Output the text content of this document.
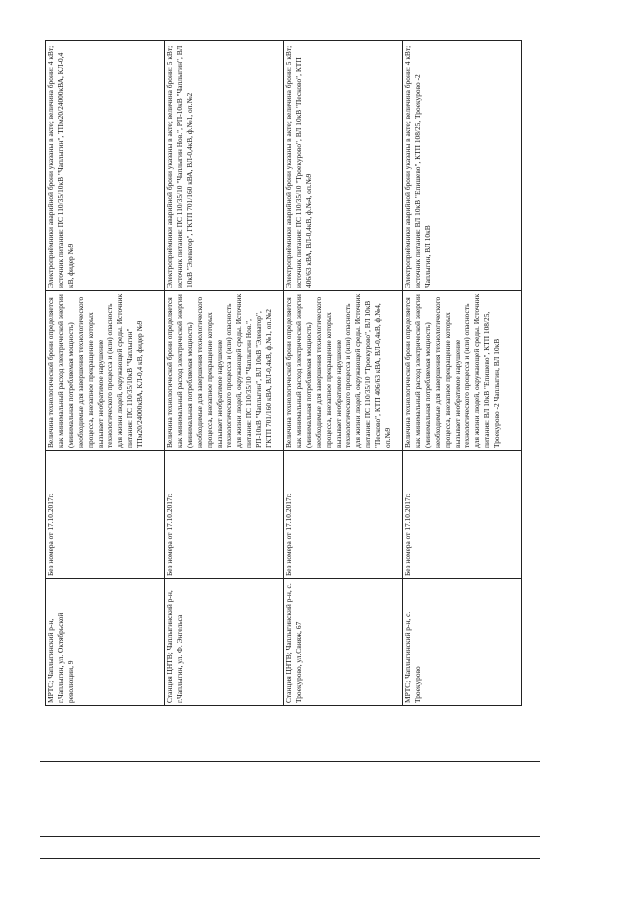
МРТС; Чаплыгинский р-н, г.Чаплыгин, ул. Октябрьской революции, 9	Без номера от 17.10.2017г.	Величина технологической брони определяется как минимальный расход электрической энергии (минимальная потребляемая мощность) необходимые для завершения технологического процесса, внезапное прекращение которых вызывает необратимое нарушение технологического процесса и (или) опасность для жизни людей, окружающей среды. Источник питания: ПС 110/35/10кВ "Чаплыгин" ТПм20/24000кВА, КЛ-0,4 кВ, фидер №9	Электроприёмники аварийной брони указаны в акте; величина брони: 4 кВт; источник питания: ПС 110/35/10кВ "Чаплыгин", ТПм20/24000кВА, КЛ-0,4 кВ, фидер №9

Станция ЦНТВ; Чаплыгинский р-н, г.Чаплыгин, ул. Ф. Энгельса	Без номера от 17.10.2017г.	Величина технологической брони определяется как минимальный расход электрической энергии (минимальная потребляемая мощность) необходимые для завершения технологического процесса, внезапное прекращение которых вызывает необратимое нарушение технологического процесса и (или) опасность для жизни людей, окружающей среды. Источник питания: ПС 110/35/10 "Чаплыгин Нов.", РП-10кВ "Чаплыгин", ВЛ 10кВ "Элеватор", ГКТП 701/160 кВА, ВЛ-0,4кВ, ф.№1, оп.№2	Электроприёмники аварийной брони указаны в акте; величина брони: 5 кВт; источник питания: ПС 110/35/10 "Чаплыгин Нов.", РП-10кВ "Чаплыгин", ВЛ 10кВ "Элеватор", ГКТП 701/160 кВА, ВЛ-0,4кВ, ф.№1, оп.№2

Станция ЦНТВ; Чаплыгинский р-н, с. Троекурово, ул.Свияж, 67	Без номера от 17.10.2017г.	Величина технологической брони определяется как минимальный расход электрической энергии (минимальная потребляемая мощность) необходимые для завершения технологического процесса, внезапное прекращение которых вызывает необратимое нарушение технологического процесса и (или) опасность для жизни людей, окружающей среды. Источник питания: ПС 110/35/10 "Троекурово", ВЛ 10кВ "Песково", КТП 406/63 кВА, ВЛ-0,4кВ, ф.№4, оп.№9	Электроприёмники аварийной брони указаны в акте; величина брони: 5 кВт; источник питания: ПС 110/35/10 "Троекурово", ВЛ 10кВ "Песково", КТП 406/63 кВА, ВЛ-0,4кВ, ф.№4, оп.№9

МРТС; Чаплыгинский р-н, с. Троекурово	Без номера от 17.10.2017г.	Величина технологической брони определяется как минимальный расход электрической энергии (минимальная потребляемая мощность) необходимые для завершения технологического процесса, внезапное прекращение которых вызывает необратимое нарушение технологического процесса и (или) опасность для жизни людей, окружающей среды. Источник питания: ВЛ 10кВ "Епишево", КТП 108/25, Троекурово -2 Чаплыгин, ВЛ 10кВ	Электроприёмники аварийной брони указаны в акте; величина брони: 4 кВт; источник питания: ВЛ 10кВ "Епишево", КТП 108/25, Троекурово -2 Чаплыгин, ВЛ 10кВ
